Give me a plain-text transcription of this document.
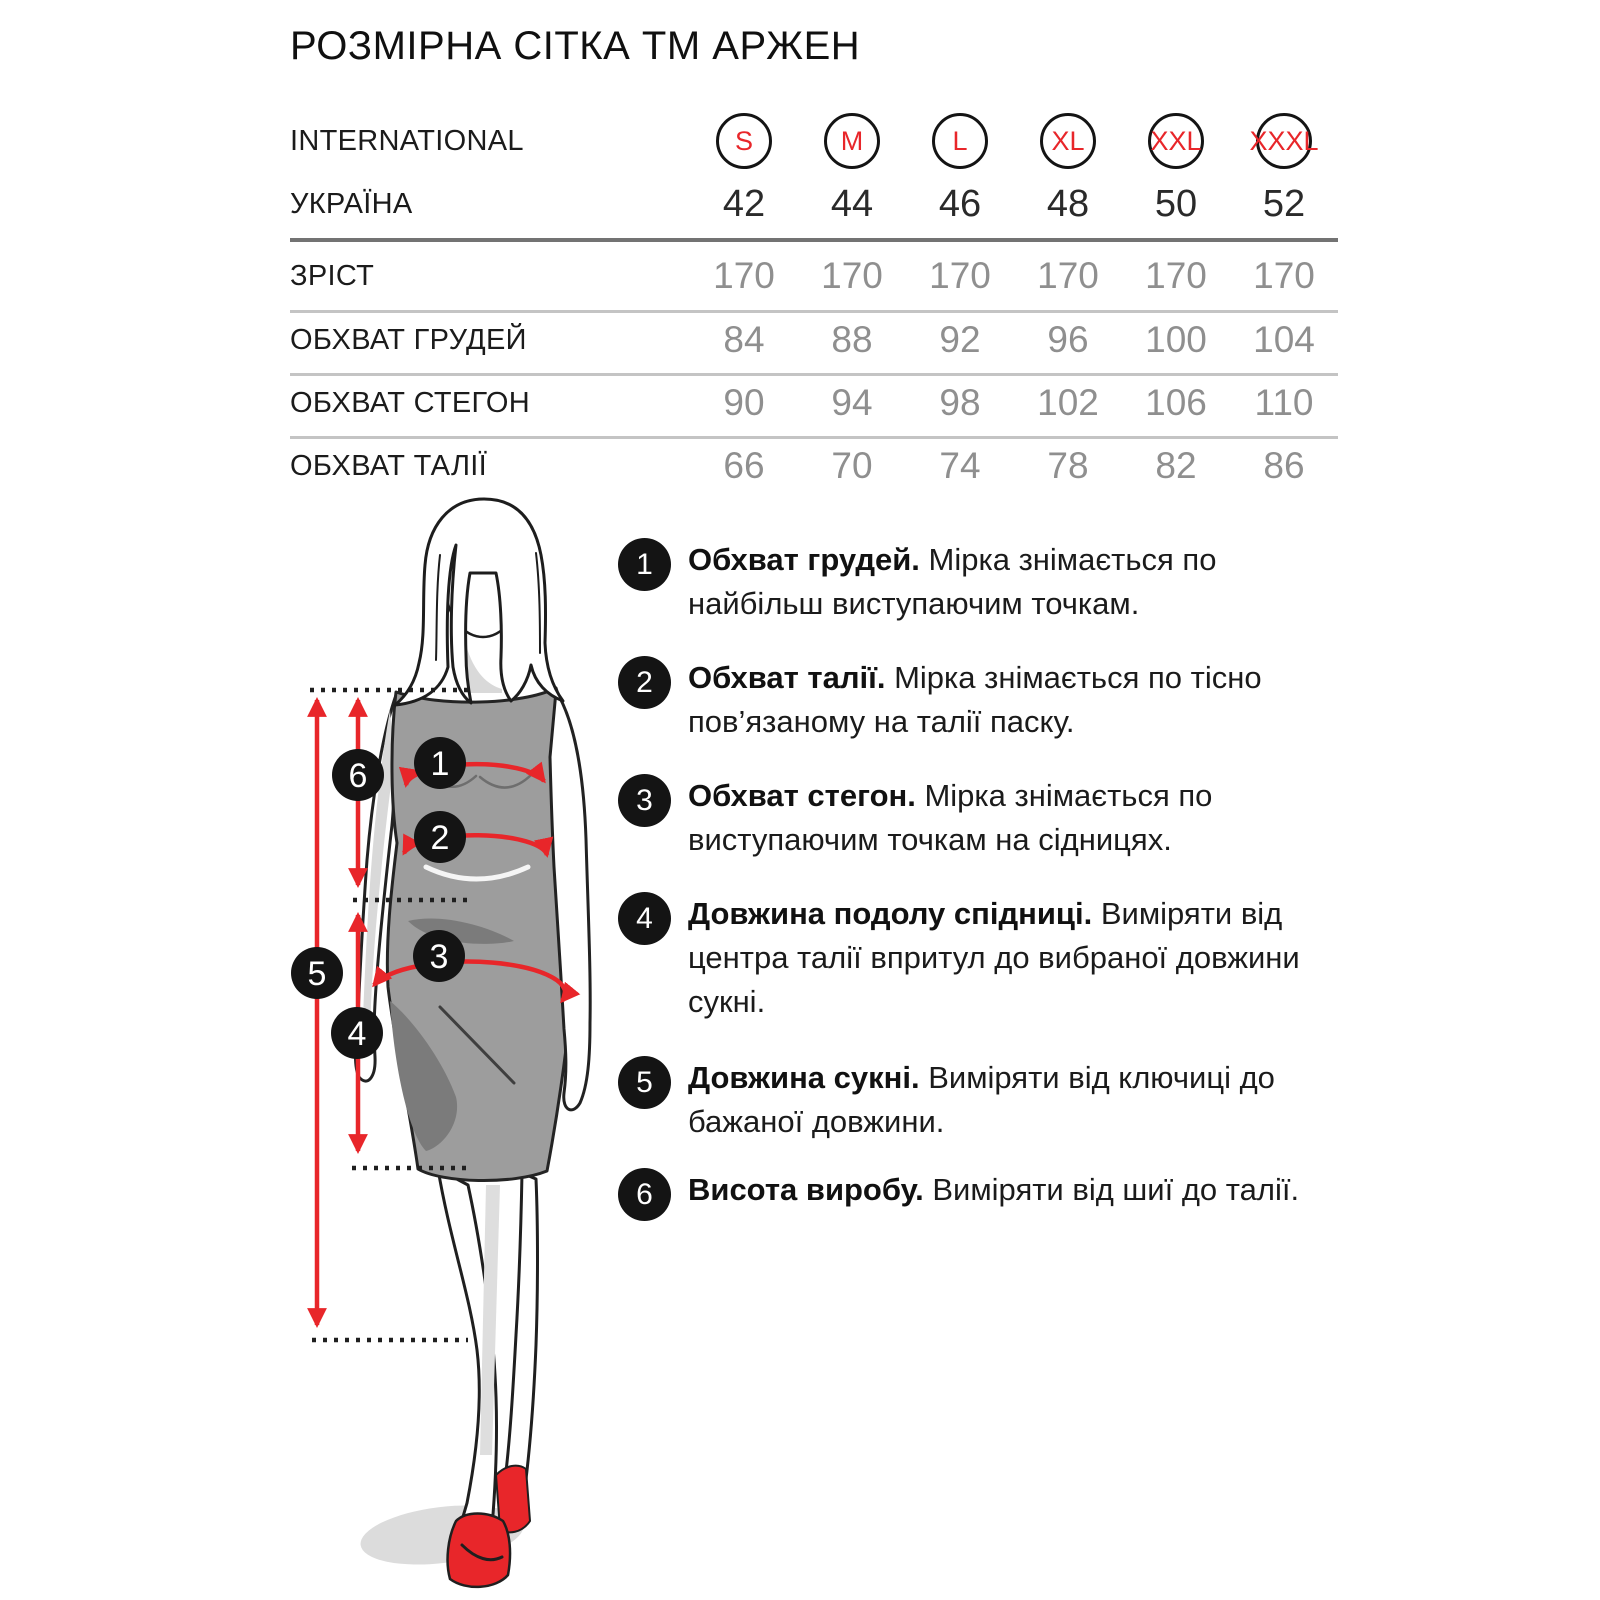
РОЗМІРНА СІТКА ТМ АРЖЕН
INTERNATIONAL	S	M	L	XL	XXL XXXL
УКРАЇНА	42	44	46	48	50	52
ЗРІСТ	170	170	170	170	170	170
ОБХВАТ ГРУДЕЙ	84	88	92	96	100	104
ОБХВАТ СТЕГОН	90	94	98	102	106	110
ОБХВАТ ТАЛІЇ	66	70	74	78	82	86
1
2
3
4
5
6
1	Обхват грудей. Мірка знімається по найбільш виступаючим точкам.

2	Обхват талії. Мірка знімається по тісно пов’язаному на талії паску.

3	Обхват стегон. Мірка знімається по виступаючим точкам на сідницях.

4	Довжина подолу спідниці. Виміряти від центра талії впритул до вибраної довжини сукні.

5	Довжина сукні. Виміряти від ключиці до бажаної довжини.

6	Висота виробу. Виміряти від шиї до талії.
